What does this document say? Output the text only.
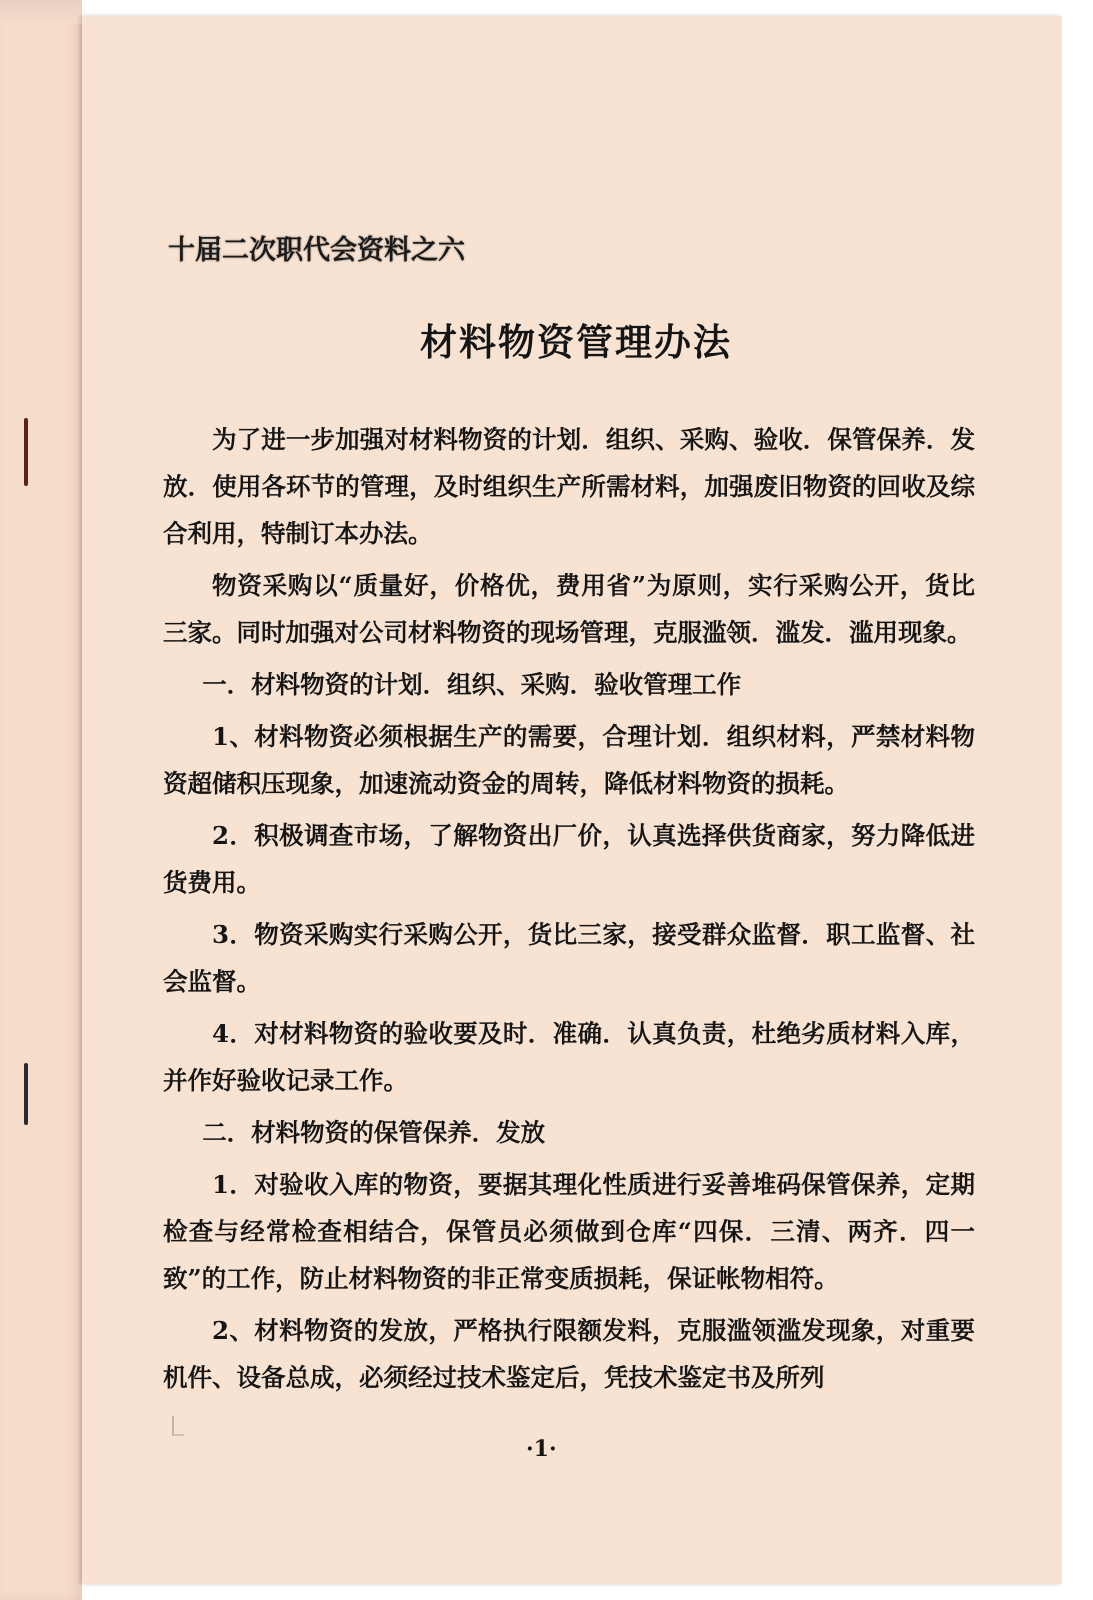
十届二次职代会资料之六
材料物资管理办法

为了进一步加强对材料物资的计划．组织、采购、验收．保管保养．发放．使用各环节的管理，及时组织生产所需材料，加强废旧物资的回收及综合利用，特制订本办法。

物资采购以“质量好，价格优，费用省”为原则，实行采购公开，货比三家。同时加强对公司材料物资的现场管理，克服滥领．滥发．滥用现象。

一．材料物资的计划．组织、采购．验收管理工作

1、材料物资必须根据生产的需要，合理计划．组织材料，严禁材料物资超储积压现象，加速流动资金的周转，降低材料物资的损耗。

2．积极调查市场，了解物资出厂价，认真选择供货商家，努力降低进货费用。

3．物资采购实行采购公开，货比三家，接受群众监督．职工监督、社会监督。

4．对材料物资的验收要及时．准确．认真负责，杜绝劣质材料入库，并作好验收记录工作。

二．材料物资的保管保养．发放

1．对验收入库的物资，要据其理化性质进行妥善堆码保管保养，定期检查与经常检查相结合，保管员必须做到仓库“四保．三清、两齐．四一致”的工作，防止材料物资的非正常变质损耗，保证帐物相符。

2、材料物资的发放，严格执行限额发料，克服滥领滥发现象，对重要机件、设备总成，必须经过技术鉴定后，凭技术鉴定书及所列

·1·
